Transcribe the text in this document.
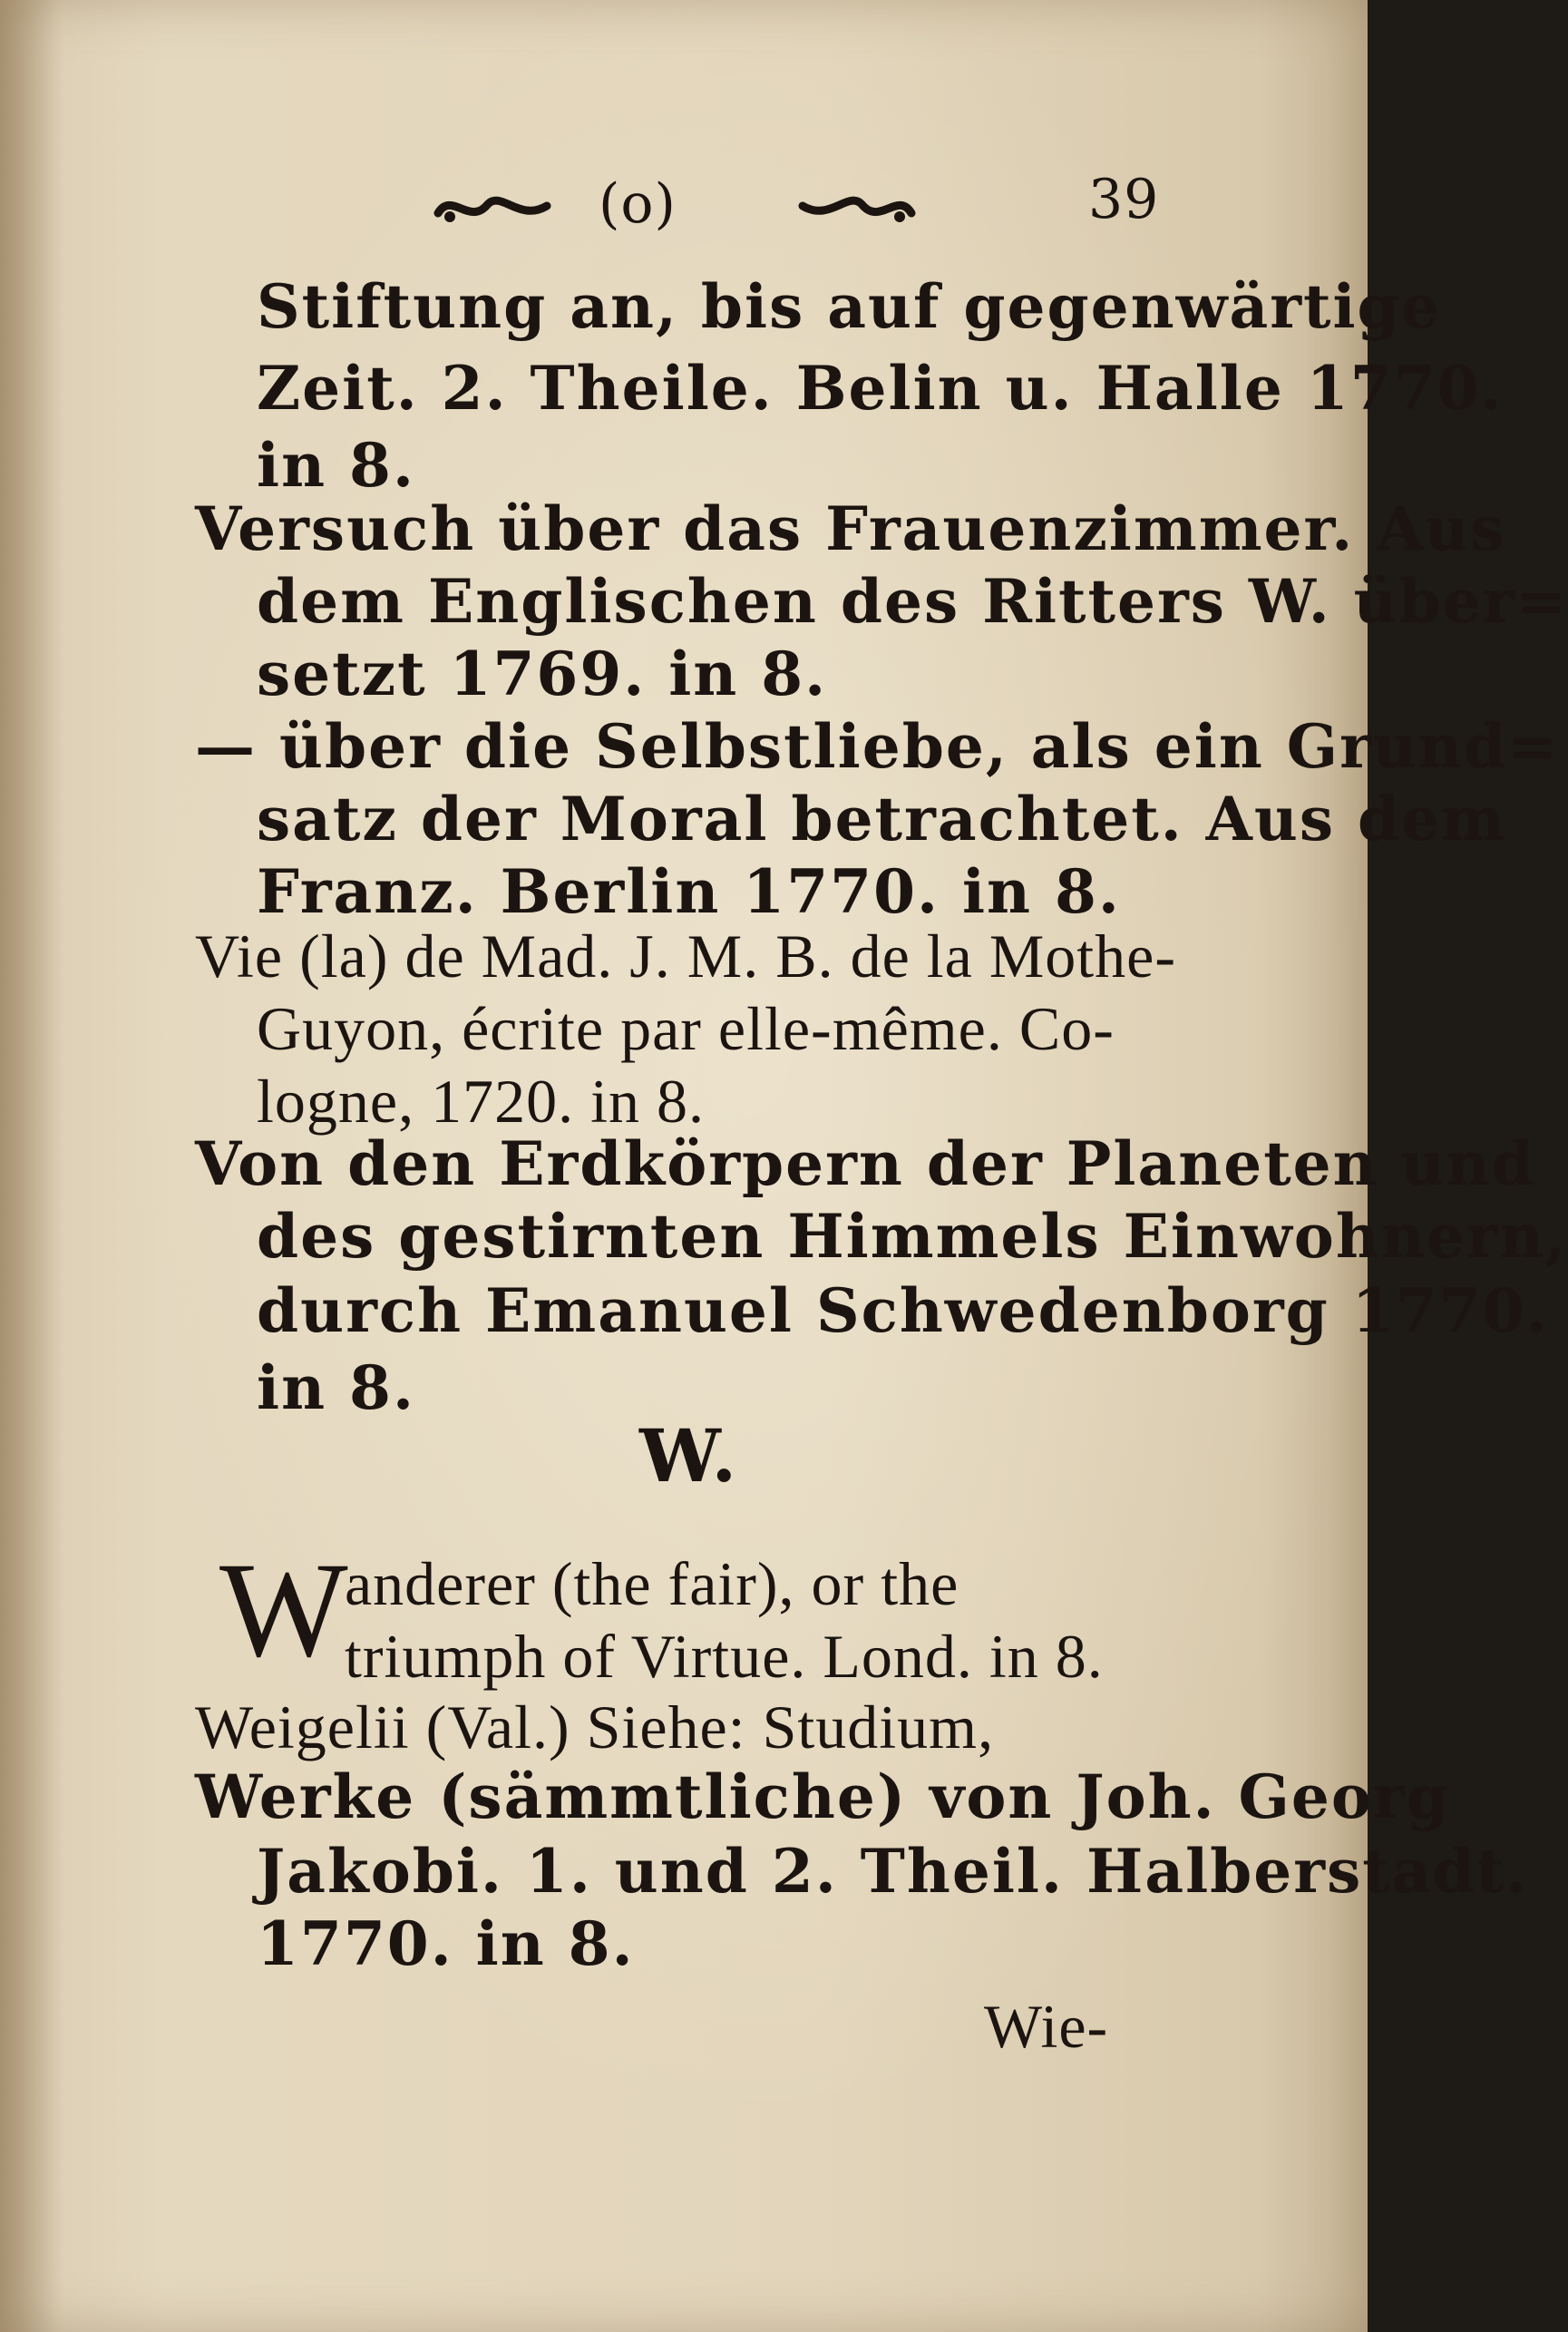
(o)	39
Stiftung an, bis auf gegenwärtige
Zeit. 2. Theile. Belin u. Halle 1770.
in 8.
Versuch über das Frauenzimmer. Aus
dem Englischen des Ritters W. über=
setzt 1769. in 8.
— über die Selbstliebe, als ein Grund=
satz der Moral betrachtet. Aus dem
Franz. Berlin 1770. in 8.
Vie (la) de Mad. J. M. B. de la Mothe-
Guyon, écrite par elle-même. Co-
logne, 1720. in 8.
Von den Erdkörpern der Planeten und
des gestirnten Himmels Einwohnern,
durch Emanuel Schwedenborg 1770.
in 8.
W.
W
anderer (the fair), or the
triumph of Virtue. Lond. in 8.
Weigelii (Val.) Siehe: Studium,
Werke (sämmtliche) von Joh. Georg
Jakobi. 1. und 2. Theil. Halberstadt.
1770. in 8.
Wie-
